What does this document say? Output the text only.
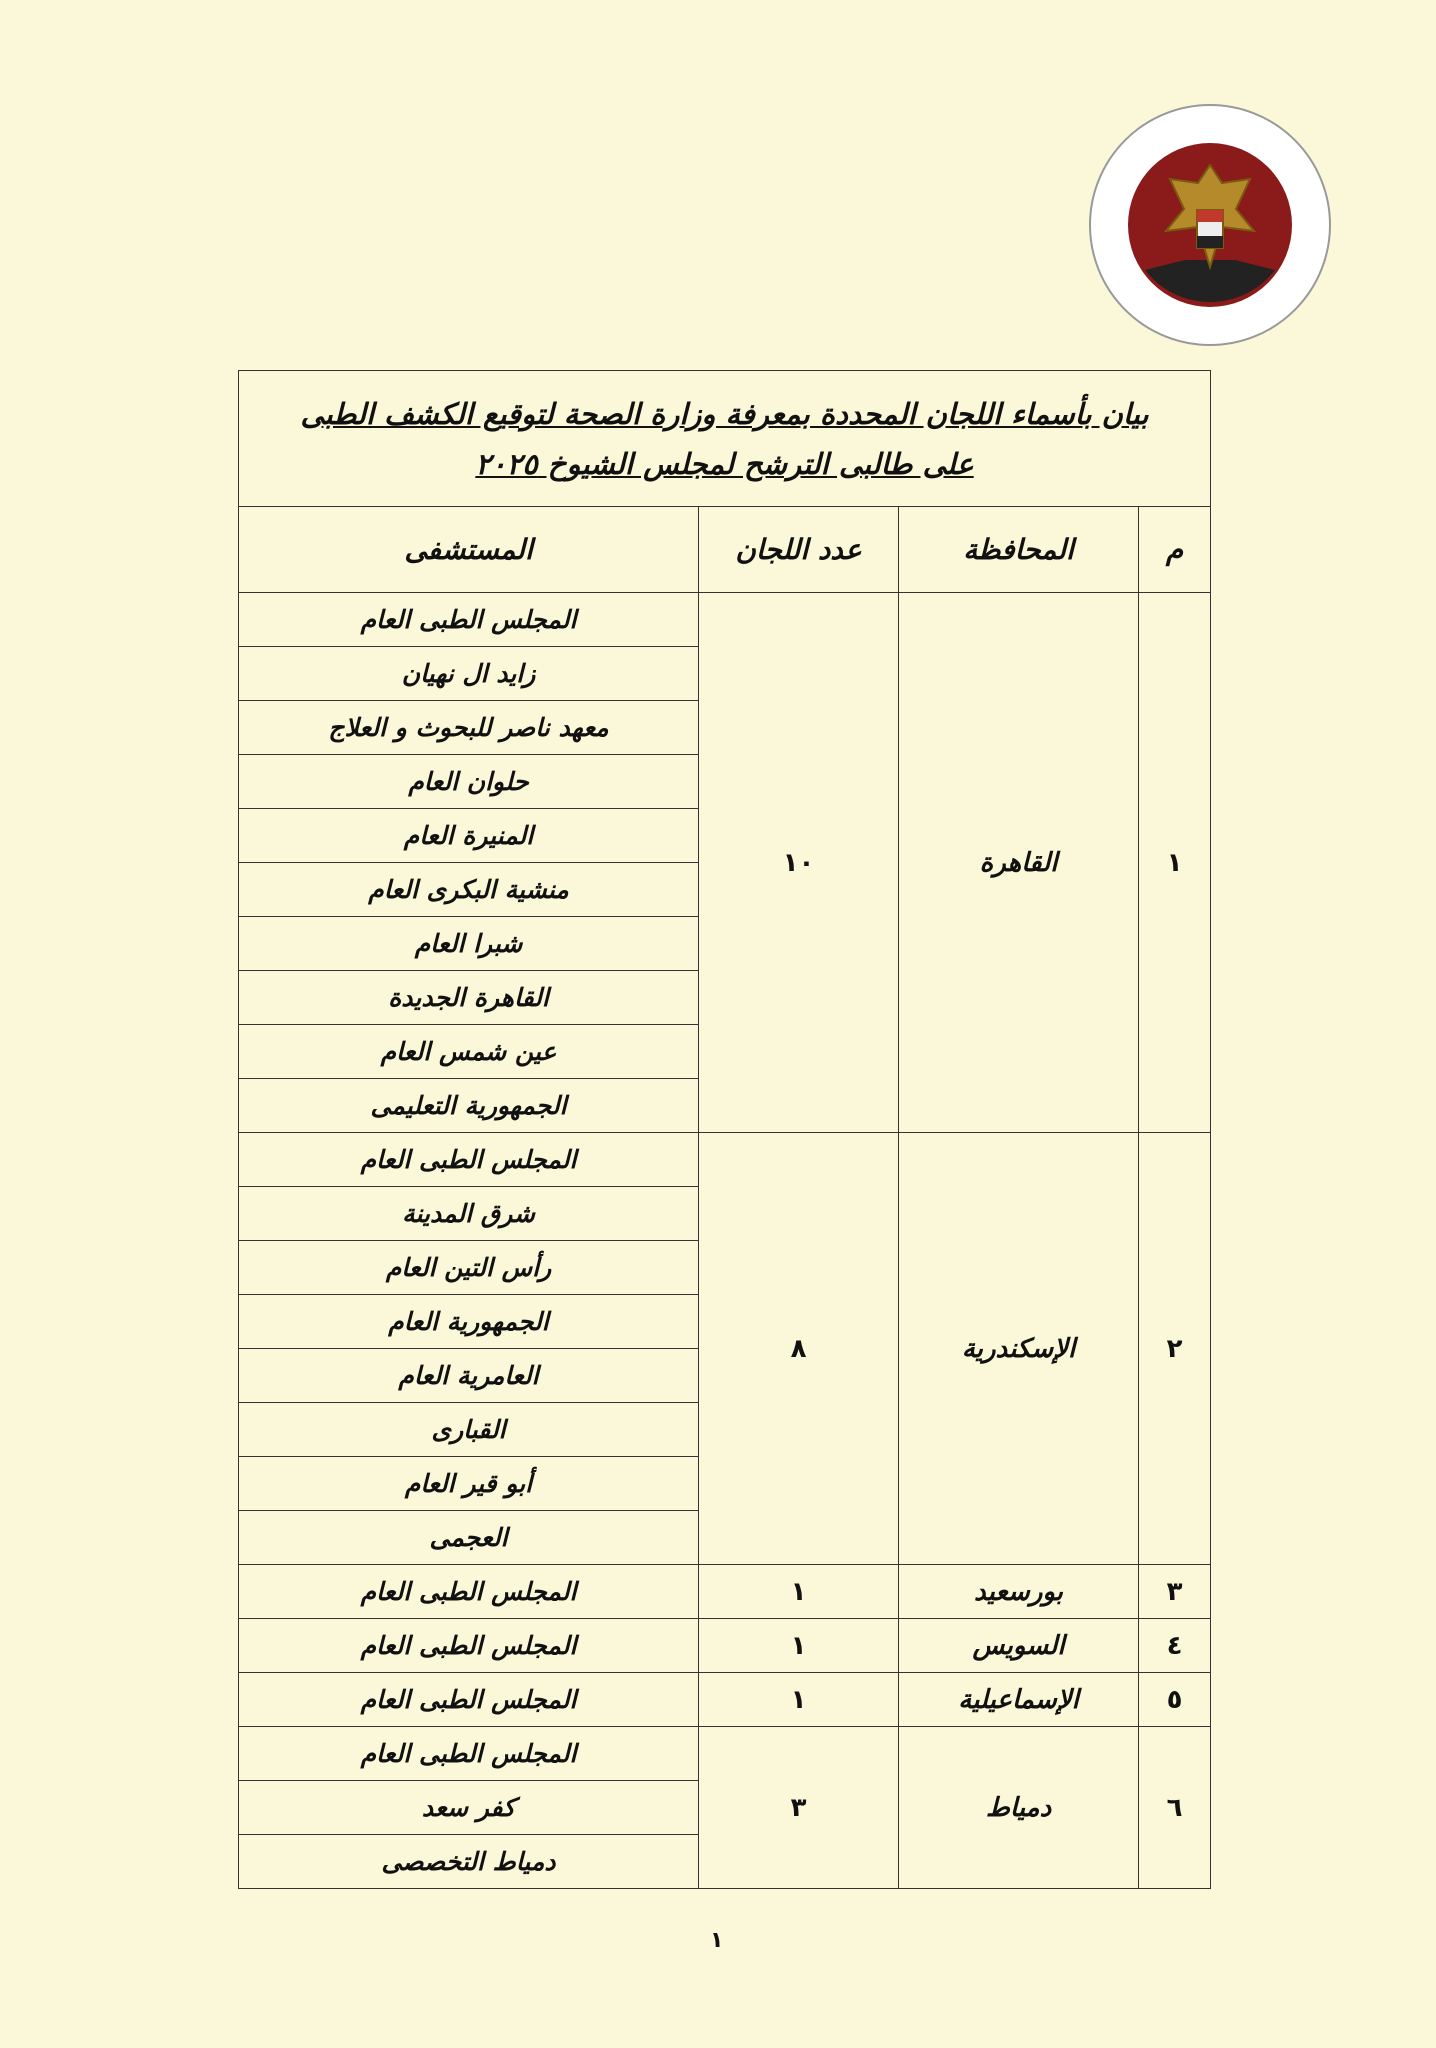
بيان بأسماء اللجان المحددة بمعرفة وزارة الصحة لتوقيع الكشف الطبى
على طالبى الترشح لمجلس الشيوخ ٢٠٢٥			

م	المحافظة	عدد اللجان	المستشفى
١	القاهرة	١٠	المجلس الطبى العام
			زايد ال نهيان
			معهد ناصر للبحوث و العلاج
			حلوان العام
			المنيرة العام
			منشية البكرى العام
			شبرا العام
			القاهرة الجديدة
			عين شمس العام
			الجمهورية التعليمى
٢	الإسكندرية	٨	المجلس الطبى العام
			شرق المدينة
			رأس التين العام
			الجمهورية العام
			العامرية العام
			القبارى
			أبو قير العام
			العجمى
٣	بورسعيد	١	المجلس الطبى العام
٤	السويس	١	المجلس الطبى العام
٥	الإسماعيلية	١	المجلس الطبى العام
٦	دمياط	٣	المجلس الطبى العام
			كفر سعد
			دمياط التخصصى
١
